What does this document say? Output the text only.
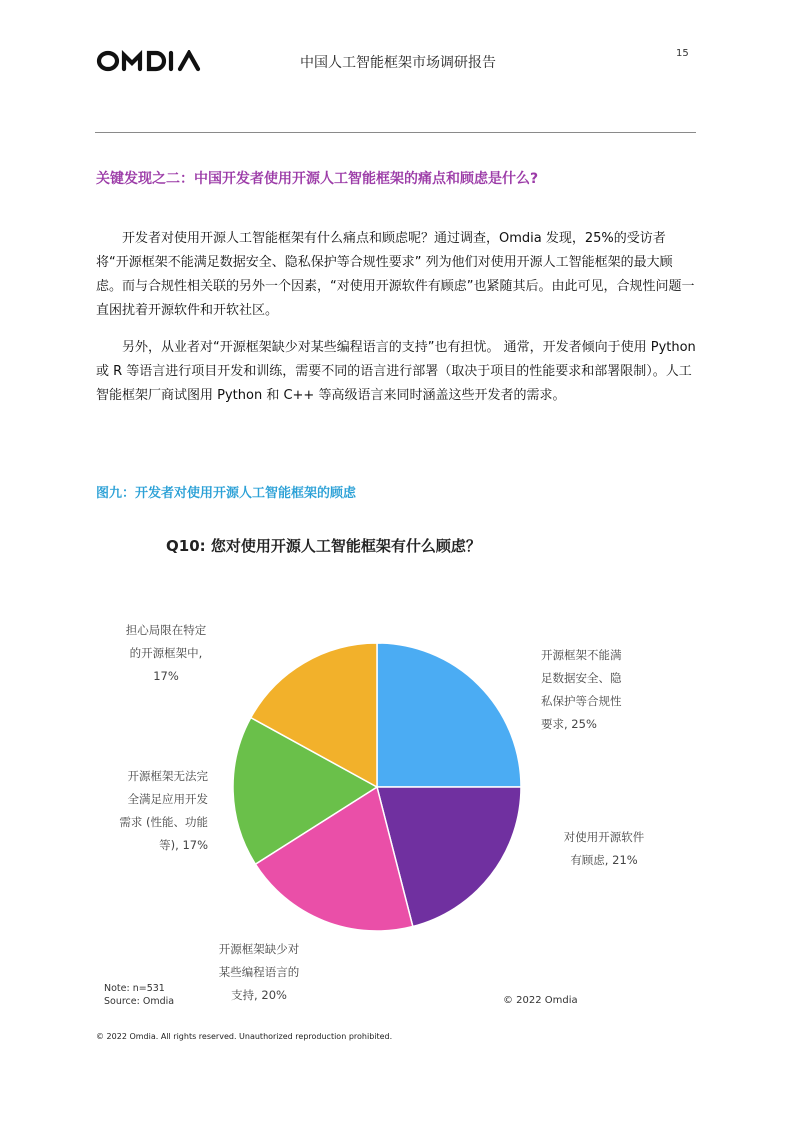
中国人工智能框架市场调研报告
15
关键发现之二：中国开发者使用开源人工智能框架的痛点和顾虑是什么?

开发者对使用开源人工智能框架有什么痛点和顾虑呢？通过调查，Omdia 发现，25%的受访者将“开源框架不能满足数据安全、隐私保护等合规性要求” 列为他们对使用开源人工智能框架的最大顾虑。而与合规性相关联的另外一个因素，“对使用开源软件有顾虑”也紧随其后。由此可见，合规性问题一直困扰着开源软件和开软社区。

另外，从业者对“开源框架缺少对某些编程语言的支持”也有担忧。 通常，开发者倾向于使用 Python 或 R 等语言进行项目开发和训练，需要不同的语言进行部署（取决于项目的性能要求和部署限制）。人工智能框架厂商试图用 Python 和 C++ 等高级语言来同时涵盖这些开发者的需求。

图九：开发者对使用开源人工智能框架的顾虑
Q10: 您对使用开源人工智能框架有什么顾虑？
开源框架不能满
足数据安全、隐
私保护等合规性
要求, 25%
对使用开源软件
有顾虑, 21%
开源框架缺少对
某些编程语言的
支持, 20%
开源框架无法完
全满足应用开发
需求 (性能、功能
等), 17%
担心局限在特定
的开源框架中,
17%
Note: n=531
Source: Omdia	© 2022 Omdia
© 2022 Omdia. All rights reserved. Unauthorized reproduction prohibited.
